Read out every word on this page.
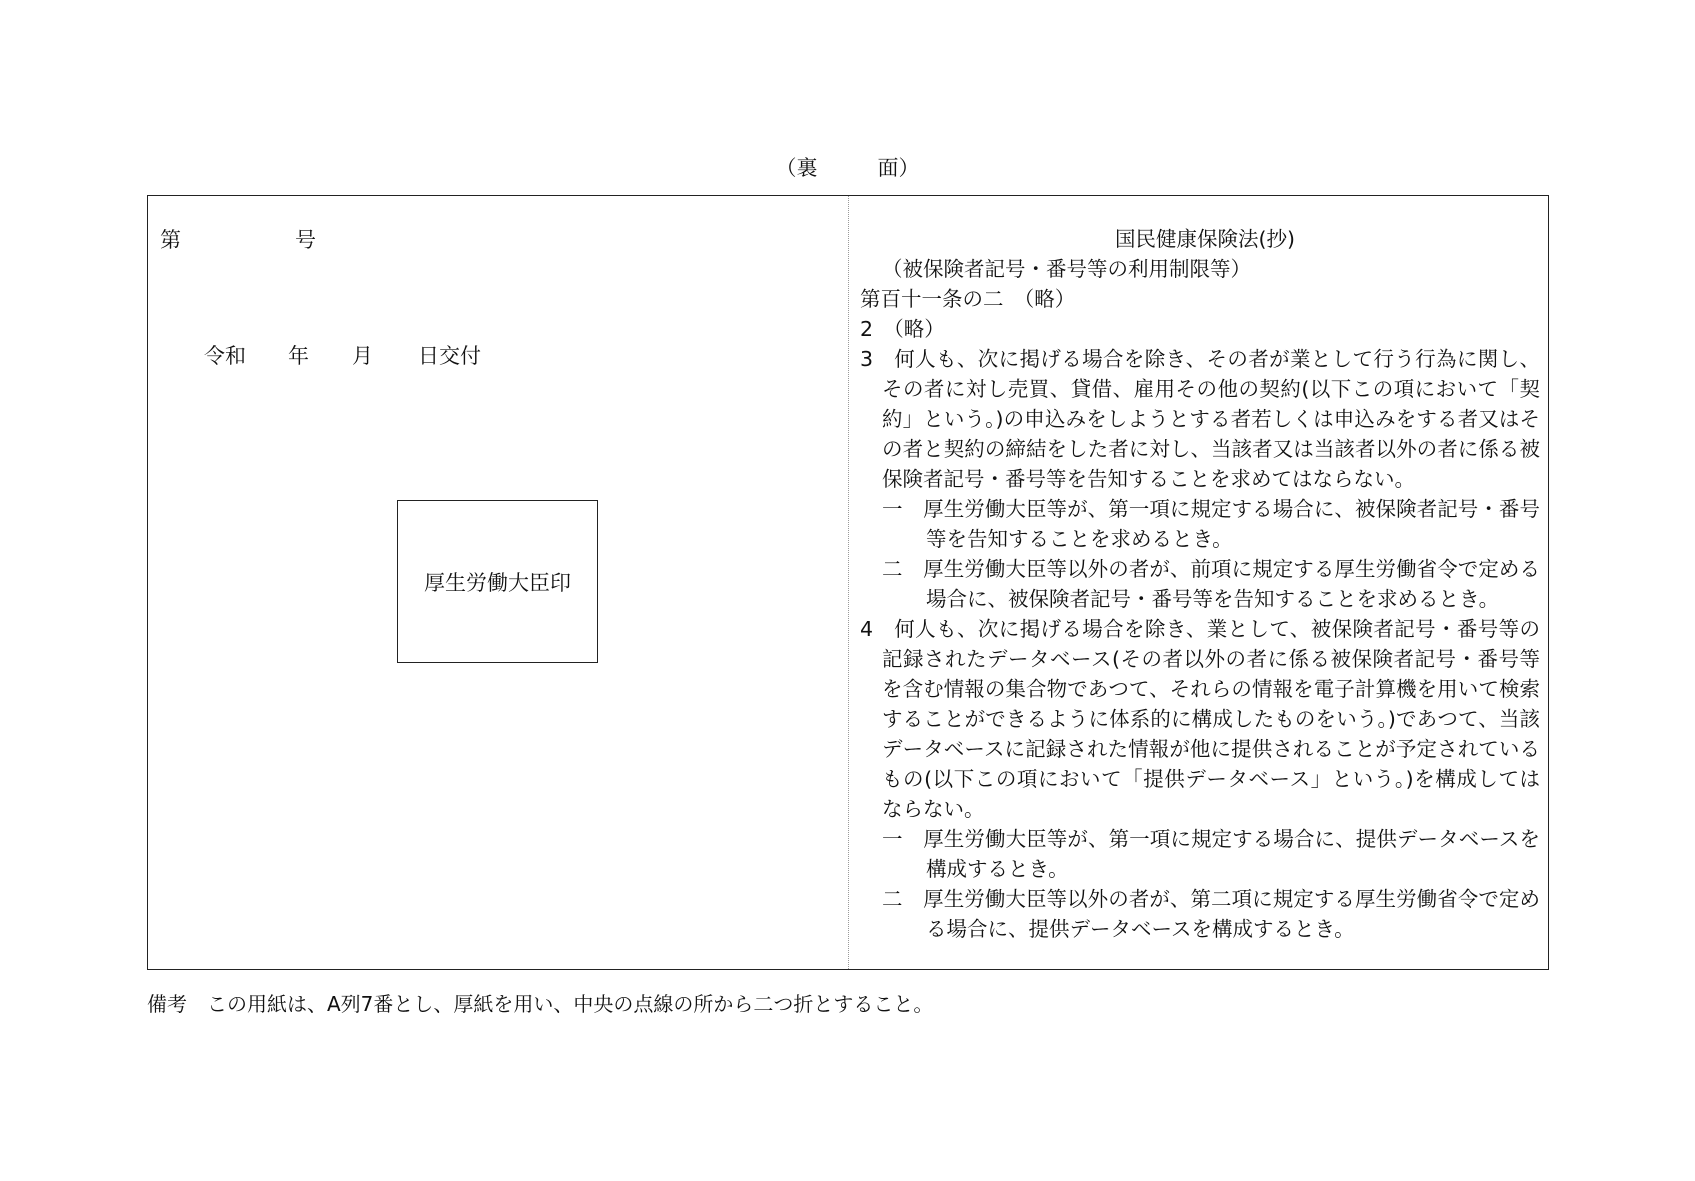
（裏	面）
第	号
令和 年 月 日交付
厚生労働大臣印

国民健康保険法(抄)

（被保険者記号・番号等の利用制限等）

第百十一条の二　（略）

2　（略）

3　何人も、次に掲げる場合を除き、その者が業として行う行為に関し、その者に対し売買、貸借、雇用その他の契約(以下この項において「契約」という。)の申込みをしようとする者若しくは申込みをする者又はその者と契約の締結をした者に対し、当該者又は当該者以外の者に係る被保険者記号・番号等を告知することを求めてはならない。

一　厚生労働大臣等が、第一項に規定する場合に、被保険者記号・番号等を告知することを求めるとき。

二　厚生労働大臣等以外の者が、前項に規定する厚生労働省令で定める場合に、被保険者記号・番号等を告知することを求めるとき。

4　何人も、次に掲げる場合を除き、業として、被保険者記号・番号等の記録されたデータベース(その者以外の者に係る被保険者記号・番号等を含む情報の集合物であつて、それらの情報を電子計算機を用いて検索することができるように体系的に構成したものをいう。)であつて、当該データベースに記録された情報が他に提供されることが予定されているもの(以下この項において「提供データベース」という。)を構成してはならない。

一　厚生労働大臣等が、第一項に規定する場合に、提供データベースを構成するとき。

二　厚生労働大臣等以外の者が、第二項に規定する厚生労働省令で定める場合に、提供データベースを構成するとき。

備考　この用紙は、A列7番とし、厚紙を用い、中央の点線の所から二つ折とすること。
